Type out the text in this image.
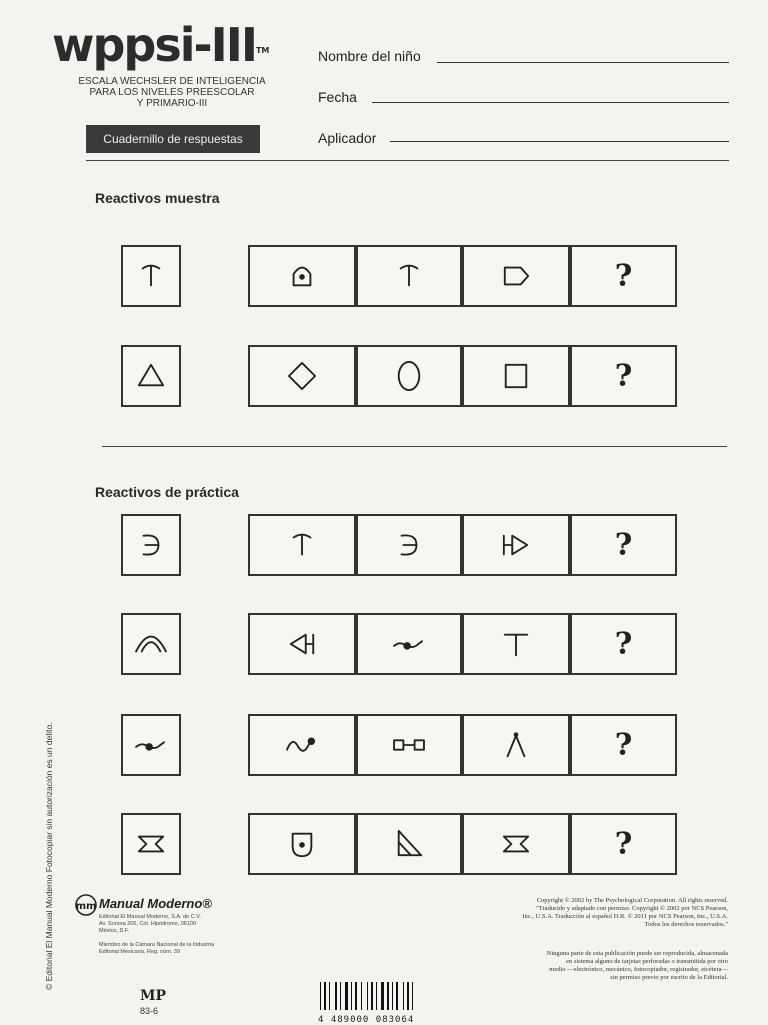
wppsi-III™
ESCALA WECHSLER DE INTELIGENCIA
PARA LOS NIVELES PREESCOLAR
Y PRIMARIO-III
Cuadernillo de respuestas
Nombre del niño
Fecha
Aplicador
Reactivos muestra
Reactivos de práctica
?
?
?
?
?
?
© Editorial El Manual Moderno Fotocopiar sin autorización es un delito. mm Manual Moderno®
Editorial El Manual Moderno, S.A. de C.V.
Av. Sonora 206, Col. Hipódromo, 06100
México, D.F.
Miembro de la Cámara Nacional de la Industria
Editorial Mexicana, Reg. núm. 39
MP
83-6
4 489000 083064
Copyright © 2002 by The Psychological Corporation. All rights reserved.
"Traducido y adaptado con permiso. Copyright © 2002 por NCS Pearson,
Inc., U.S.A. Traducción al español D.R. © 2011 por NCS Pearson, Inc., U.S.A.
Todos los derechos reservados."
Ninguna parte de esta publicación puede ser reproducida, almacenada
en sistema alguno de tarjetas perforadas o transmitida por otro
medio —electrónico, mecánico, fotocopiador, registrador, etcétera—
sin permiso previo por escrito de la Editorial.
